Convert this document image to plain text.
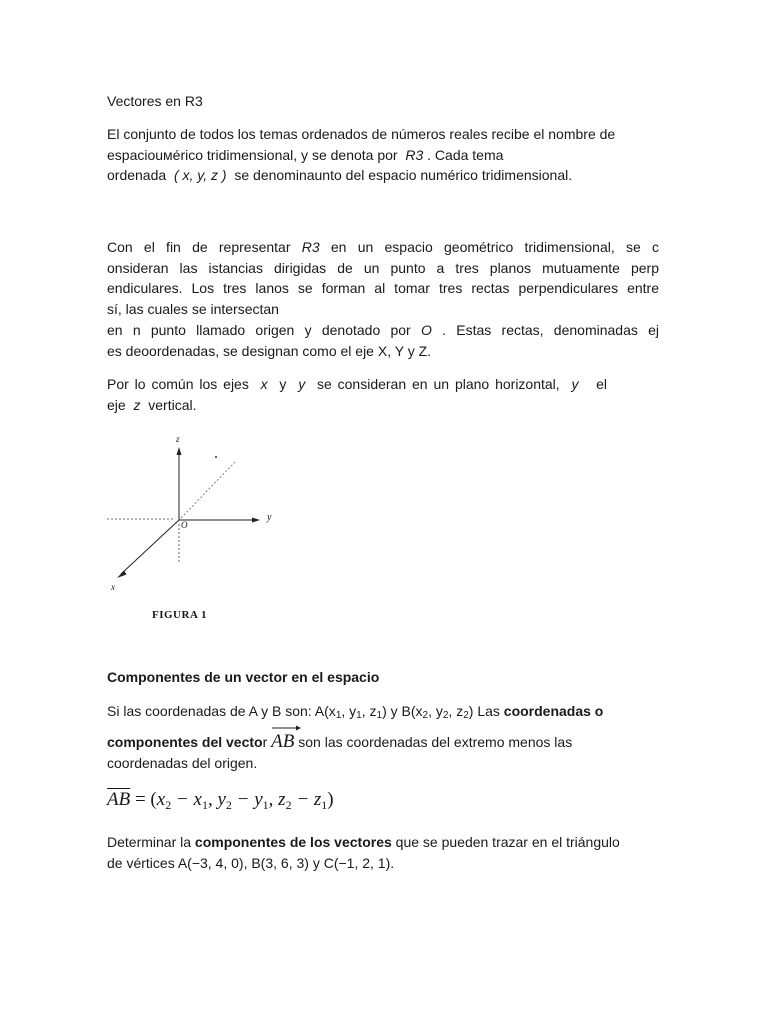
Vectores en R3
El conjunto de todos los temas ordenados de números reales recibe el nombre de
espaciouмérico tridimensional, y se denota por R3 . Cada tema
ordenada ( x, y, z ) se denominaunto del espacio numérico tridimensional.
Con el fin de representar R3 en un espacio geométrico tridimensional, se c
onsideran las istancias dirigidas de un punto a tres planos mutuamente perp
endiculares. Los tres lanos se forman al tomar tres rectas perpendiculares entre
sí, las cuales se intersectan
en n punto llamado origen y denotado por O . Estas rectas, denominadas ej
es deoordenadas, se designan como el eje X, Y y Z.
Por lo común los ejes x y y se consideran en un plano horizontal, y el
eje z vertical.
z
y
x
O
FIGURA 1
Componentes de un vector en el espacio
Si las coordenadas de A y B son: $A(x_1$, $y_1$, $z_1$) y $B(x_2$, $y_2$, $z_2$) Las coordenadas o
componentes del vector AB son las coordenadas del extremo menos las
coordenadas del origen.
$\overline{AB} = (x_2 - x_1$, $y_2 - y_1$, $z_2 - z_1$)
Determinar la componentes de los vectores que se pueden trazar en el triángulo
de vértices A(−3, 4, 0), B(3, 6, 3) y C(−1, 2, 1).
